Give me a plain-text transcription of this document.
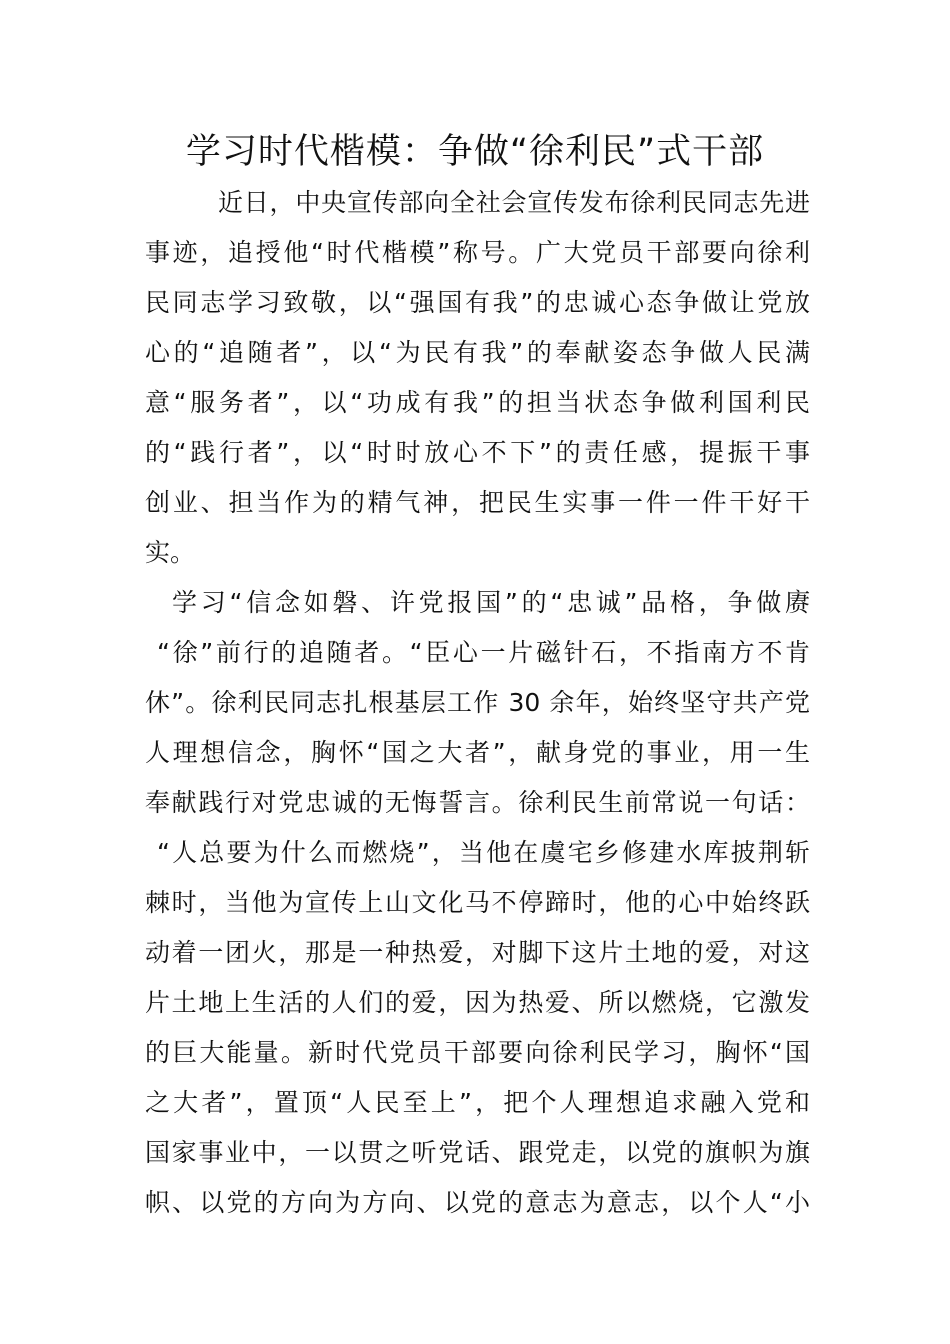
学习时代楷模：争做“徐利民”式干部
近日，中央宣传部向全社会宣传发布徐利民同志先进
事迹，追授他“时代楷模”称号。广大党员干部要向徐利
民同志学习致敬，以“强国有我”的忠诚心态争做让党放
心的“追随者”，以“为民有我”的奉献姿态争做人民满
意“服务者”，以“功成有我”的担当状态争做利国利民
的“践行者”，以“时时放心不下”的责任感，提振干事
创业、担当作为的精气神，把民生实事一件一件干好干
实。
学习“信念如磐、许党报国”的“忠诚”品格，争做赓
“徐”前行的追随者。“臣心一片磁针石，不指南方不肯
休”。徐利民同志扎根基层工作 30 余年，始终坚守共产党
人理想信念，胸怀“国之大者”，献身党的事业，用一生
奉献践行对党忠诚的无悔誓言。徐利民生前常说一句话：
“人总要为什么而燃烧”，当他在虞宅乡修建水库披荆斩
棘时，当他为宣传上山文化马不停蹄时，他的心中始终跃
动着一团火，那是一种热爱，对脚下这片土地的爱，对这
片土地上生活的人们的爱，因为热爱、所以燃烧，它激发
的巨大能量。新时代党员干部要向徐利民学习，胸怀“国
之大者”，置顶“人民至上”，把个人理想追求融入党和
国家事业中，一以贯之听党话、跟党走，以党的旗帜为旗
帜、以党的方向为方向、以党的意志为意志，以个人“小
